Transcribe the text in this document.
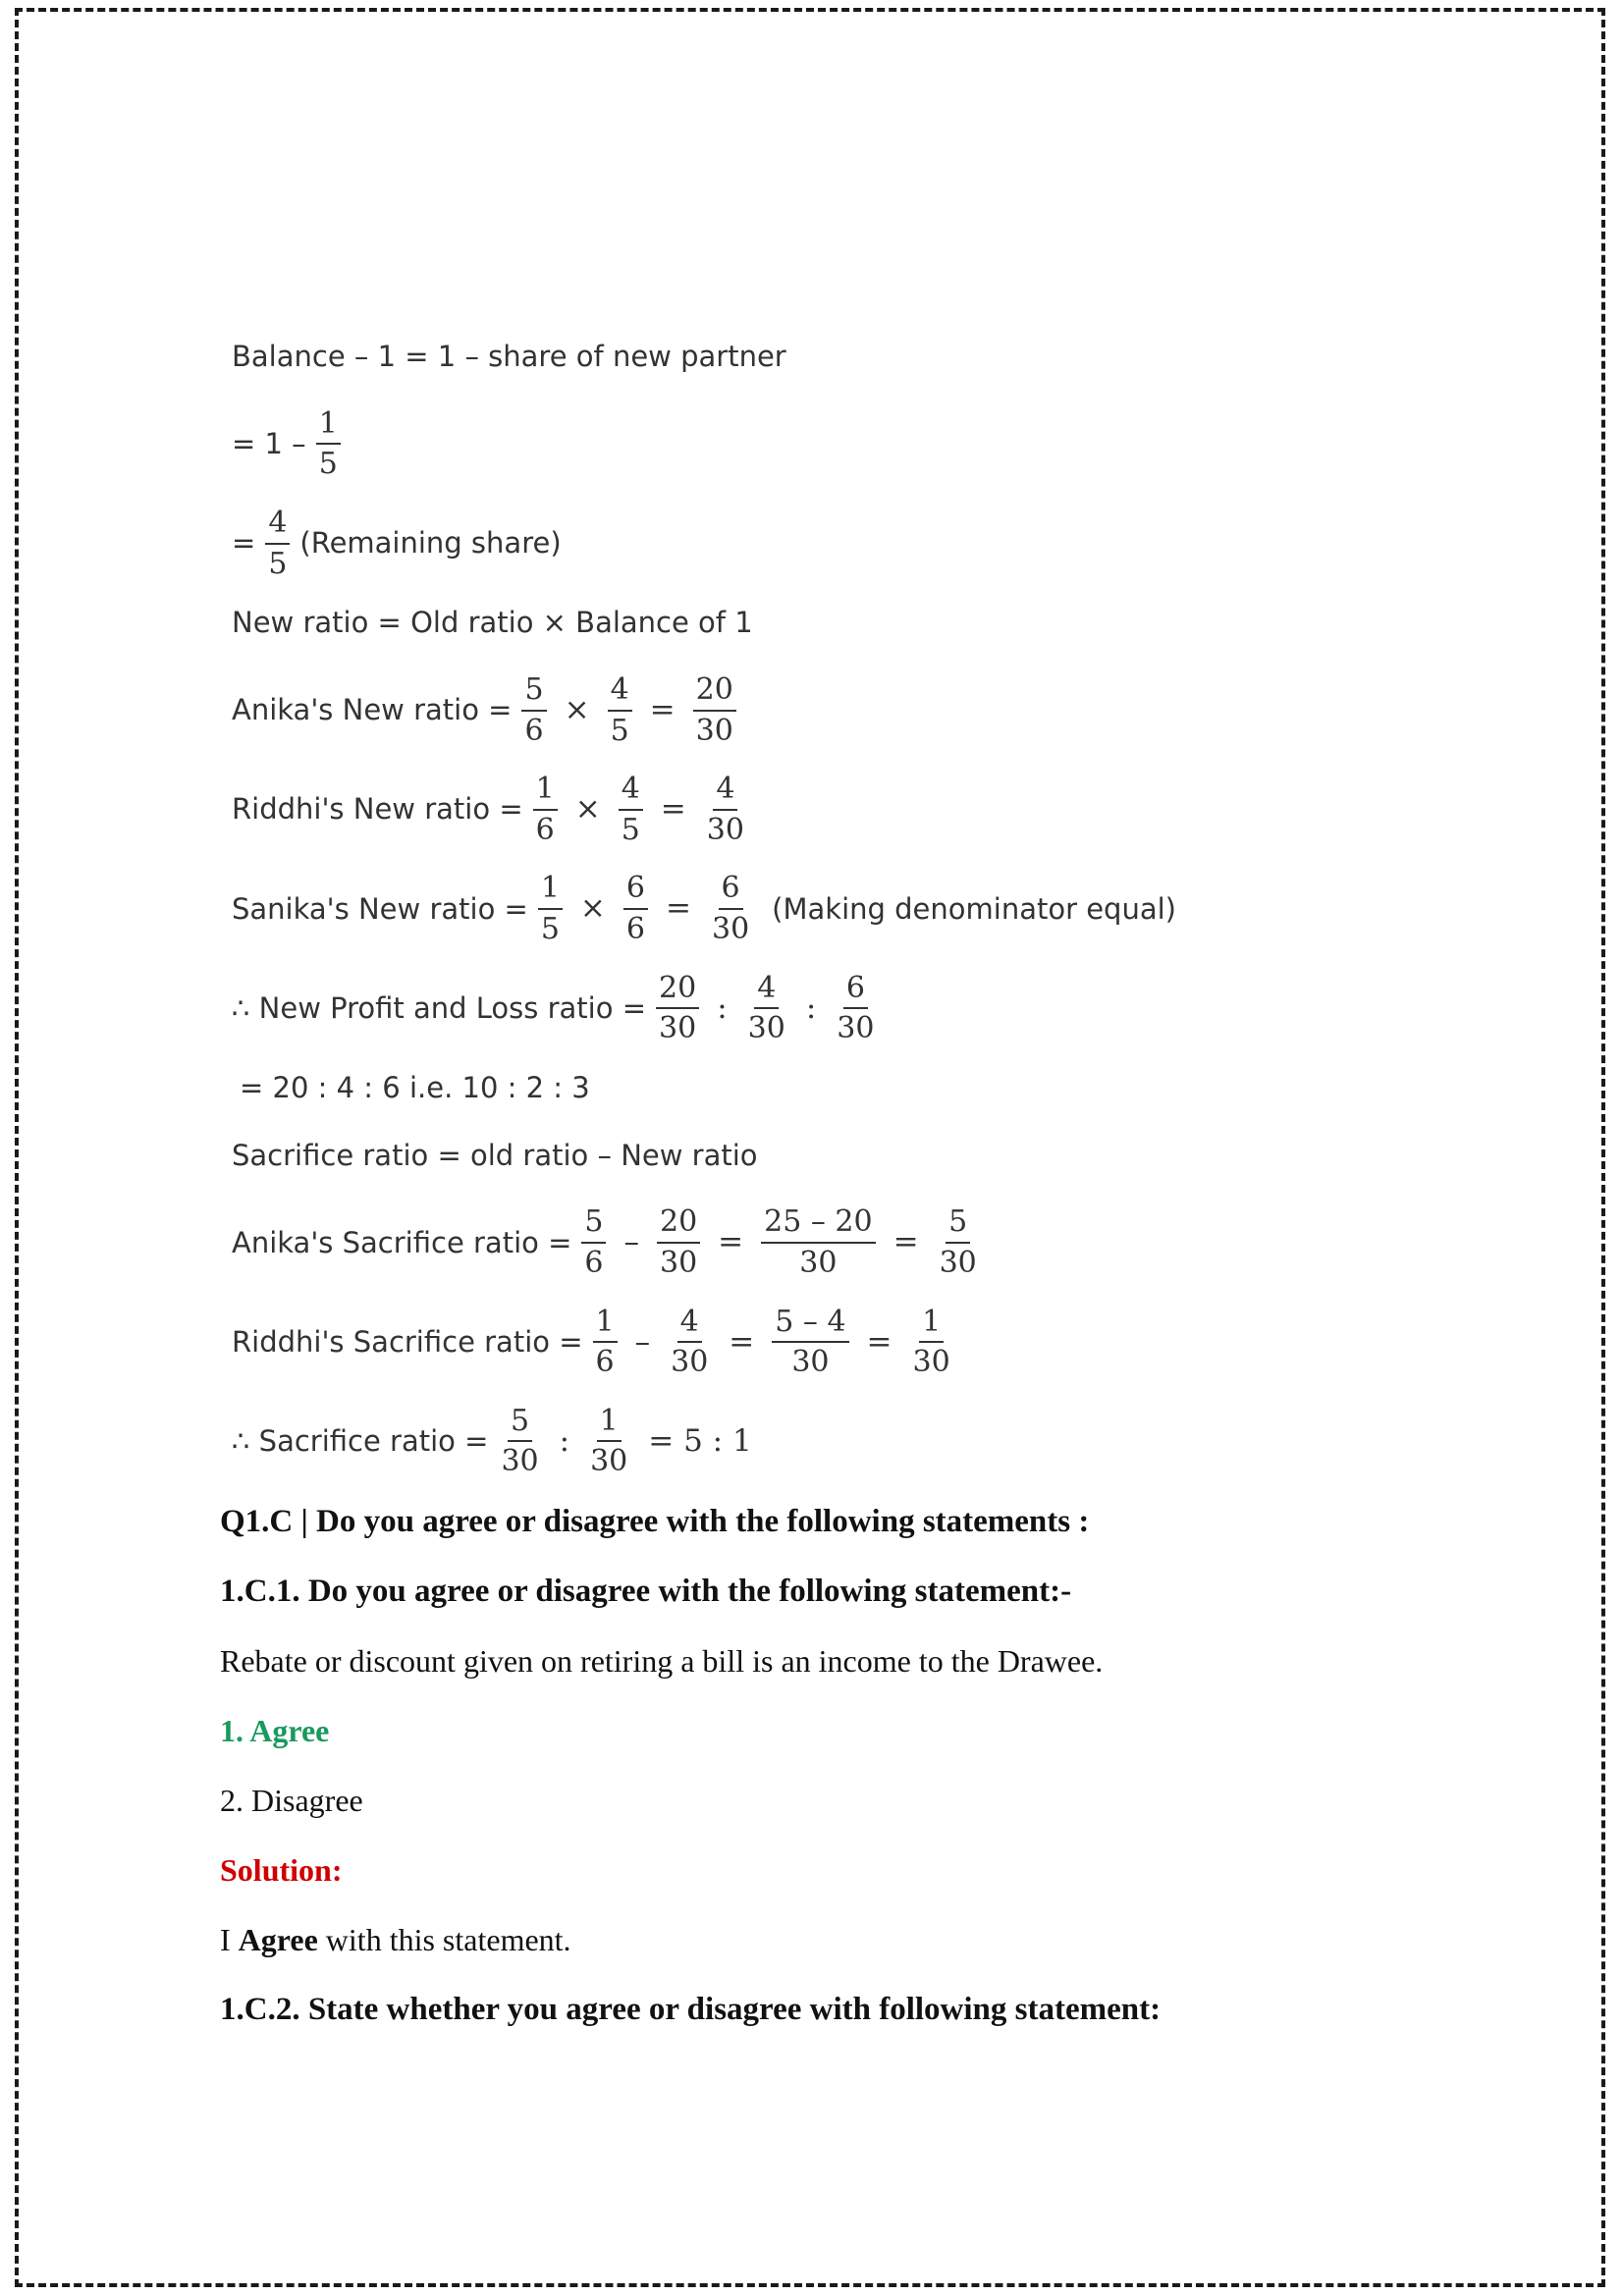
Balance – 1 = 1 – share of new partner
= $1 - \frac{1}{5}$
= $\frac{4}{5}$ (Remaining share)
New ratio = Old ratio × Balance of 1
Anika's New ratio = $\frac{5}{6} \times \frac{4}{5} = \frac{20}{30}$
Riddhi's New ratio = $\frac{1}{6} \times \frac{4}{5} = \frac{4}{30}$
Sanika's New ratio = $\frac{1}{5} \times \frac{6}{6} = \frac{6}{30}$ (Making denominator equal)
∴ New Profit and Loss ratio = $\frac{20}{30}$ : $\frac{4}{30}$ : $\frac{6}{30}$
= 20 : 4 : 6 i.e. 10 : 2 : 3
Sacrifice ratio = old ratio – New ratio
Anika's Sacrifice ratio = $\frac{5}{6} - \frac{20}{30} = \frac{25 - 20}{30} = \frac{5}{30}$
Riddhi's Sacrifice ratio = $\frac{1}{6} - \frac{4}{30} = \frac{5 - 4}{30} = \frac{1}{30}$
∴ Sacrifice ratio = $\frac{5}{30}$ : $\frac{1}{30} = 5$ : 1
Q1.C | Do you agree or disagree with the following statements :
1.C.1. Do you agree or disagree with the following statement:-
Rebate or discount given on retiring a bill is an income to the Drawee.
1. Agree
2. Disagree
Solution:
I Agree with this statement.
1.C.2. State whether you agree or disagree with following statement:
